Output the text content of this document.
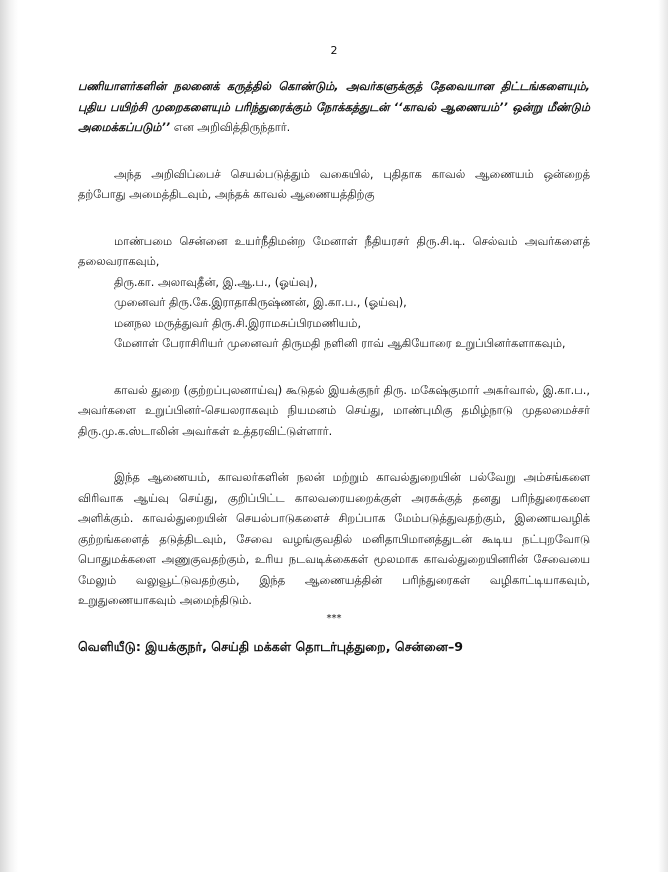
2

பணியாளர்களின் நலனைக் கருத்தில் கொண்டும், அவர்களுக்குத் தேவையான திட்டங்களையும், புதிய பயிற்சி முறைகளையும் பரிந்துரைக்கும் நோக்கத்துடன் ‘‘காவல் ஆணையம்’’ ஒன்று மீண்டும் அமைக்கப்படும்’’ என அறிவித்திருந்தார்.

அந்த அறிவிப்பைச் செயல்படுத்தும் வகையில், புதிதாக காவல் ஆணையம் ஒன்றைத் தற்போது அமைத்திடவும், அந்தக் காவல் ஆணையத்திற்கு

மாண்பமை சென்னை உயர்நீதிமன்ற மேனாள் நீதியரசர் திரு.சி.டி. செல்வம் அவர்களைத் தலைவராகவும்,

திரு.கா. அலாவுதீன், இ.ஆ.ப., (ஓய்வு),

முனைவர் திரு.கே.இராதாகிருஷ்ணன், இ.கா.ப., (ஓய்வு),

மனநல மருத்துவர் திரு.சி.இராமசுப்பிரமணியம்,

மேனாள் பேராசிரியர் முனைவர் திருமதி நளினி ராவ் ஆகியோரை உறுப்பினர்களாகவும்,

காவல் துறை (குற்றப்புலனாய்வு) கூடுதல் இயக்குநர் திரு. மகேஷ்குமார் அகர்வால், இ.கா.ப., அவர்களை உறுப்பினர்-செயலராகவும் நியமனம் செய்து, மாண்புமிகு தமிழ்நாடு முதலமைச்சர் திரு.மு.க.ஸ்டாலின் அவர்கள் உத்தரவிட்டுள்ளார்.

இந்த ஆணையம், காவலர்களின் நலன் மற்றும் காவல்துறையின் பல்வேறு அம்சங்களை விரிவாக ஆய்வு செய்து, குறிப்பிட்ட காலவரையறைக்குள் அரசுக்குத் தனது பரிந்துரைகளை அளிக்கும். காவல்துறையின் செயல்பாடுகளைச் சிறப்பாக மேம்படுத்துவதற்கும், இணையவழிக் குற்றங்களைத் தடுத்திடவும், சேவை வழங்குவதில் மனிதாபிமானத்துடன் கூடிய நட்புறவோடு பொதுமக்களை அணுகுவதற்கும், உரிய நடவடிக்கைகள் மூலமாக காவல்துறையினரின் சேவையை மேலும் வலுவூட்டுவதற்கும், இந்த ஆணையத்தின் பரிந்துரைகள் வழிகாட்டியாகவும், உறுதுணையாகவும் அமைந்திடும்.

***
வெளியீடு: இயக்குநர், செய்தி மக்கள் தொடர்புத்துறை, சென்னை–9
